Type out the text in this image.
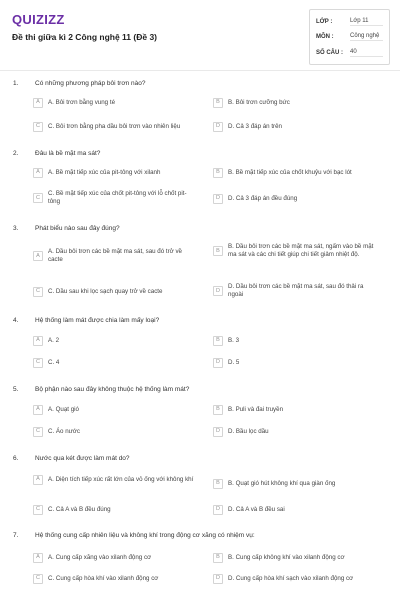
QUIZIZZ
Đề thi giữa kì 2 Công nghệ 11 (Đề 3)
LỚP :	Lớp 11
MÔN :	Công nghệ
SỐ CÂU :	40
1.	Có những phương pháp bôi trơn nào?
A	A. Bôi trơn bằng vung té	B	B. Bôi trơn cưỡng bức
C	C. Bôi trơn bằng pha dầu bôi trơn vào nhiên liệu	D	D. Cả 3 đáp án trên
2.	Đâu là bề mặt ma sát?
A	A. Bề mặt tiếp xúc của pit-tông với xilanh	B	B. Bề mặt tiếp xúc của chốt khuỷu với bạc lót
C
C. Bề mặt tiếp xúc của chốt pit-tông với lỗ chốt pit-tông
D	D. Cả 3 đáp án đều đúng
3.	Phát biểu nào sau đây đúng?
A
A. Dầu bôi trơn các bề mặt ma sát, sau đó trở về cacte
B
B. Dầu bôi trơn các bề mặt ma sát, ngấm vào bề mặt ma sát và các chi tiết giúp chi tiết giảm nhiệt độ.
C	C. Dầu sau khi lọc sạch quay trở về cacte	D
D. Dầu bôi trơn các bề mặt ma sát, sau đó thải ra ngoài
4.	Hệ thống làm mát được chia làm mấy loại?
A	A. 2	B	B. 3
C	C. 4	D	D. 5
5.	Bộ phận nào sau đây không thuộc hệ thống làm mát?
A	A. Quạt gió	B	B. Puli và đai truyền
C	C. Áo nước	D	D. Bầu lọc dầu
6.	Nước qua két được làm mát do?
A	A. Diện tích tiếp xúc rất lớn của vỏ ống với không khí
B	B. Quạt gió hút không khí qua giàn ống
C	C. Cả A và B đều đúng	D	D. Cả A và B đều sai
7.	Hệ thống cung cấp nhiên liệu và không khí trong động cơ xăng có nhiệm vụ:
A	A. Cung cấp xăng vào xilanh động cơ	B	B. Cung cấp không khí vào xilanh động cơ
C	C. Cung cấp hòa khí vào xilanh động cơ	D	D. Cung cấp hòa khí sạch vào xilanh động cơ
